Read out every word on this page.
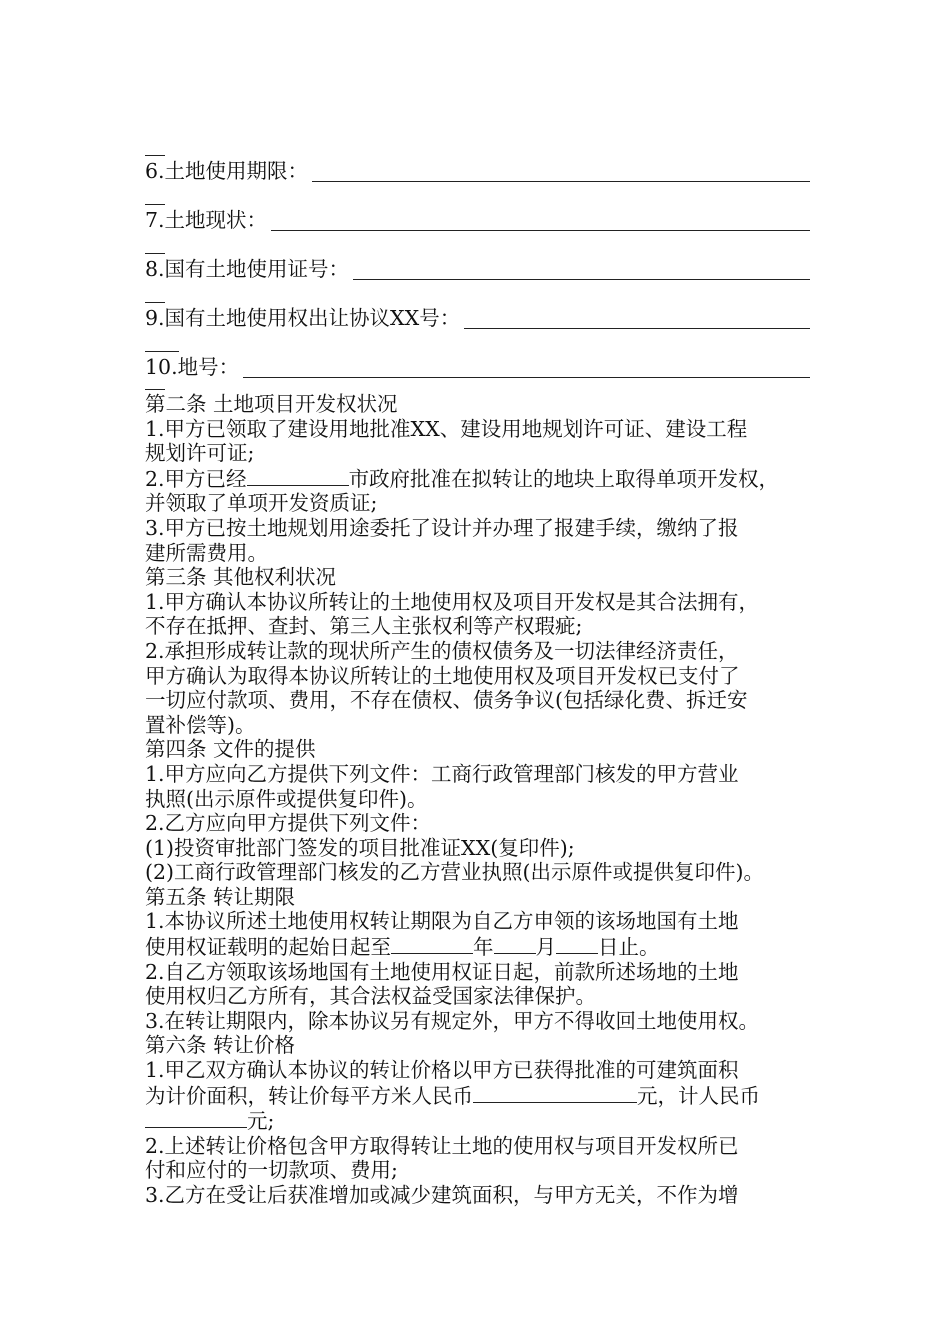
6.土地使用期限：
7.土地现状：
8.国有土地使用证号：
9.国有土地使用权出让协议XX号：
10.地号：

第二条 土地项目开发权状况

1.甲方已领取了建设用地批准XX、建设用地规划许可证、建设工程

规划许可证;

2.甲方已经	市政府批准在拟转让的地块上取得单项开发权，

并领取了单项开发资质证;

3.甲方已按土地规划用途委托了设计并办理了报建手续，缴纳了报

建所需费用。

第三条 其他权利状况

1.甲方确认本协议所转让的土地使用权及项目开发权是其合法拥有，

不存在抵押、查封、第三人主张权利等产权瑕疵;

2.承担形成转让款的现状所产生的债权债务及一切法律经济责任，

甲方确认为取得本协议所转让的土地使用权及项目开发权已支付了

一切应付款项、费用，不存在债权、债务争议(包括绿化费、拆迁安

置补偿等)。

第四条 文件的提供

1.甲方应向乙方提供下列文件：工商行政管理部门核发的甲方营业

执照(出示原件或提供复印件)。

2.乙方应向甲方提供下列文件：

(1)投资审批部门签发的项目批准证XX(复印件);

(2)工商行政管理部门核发的乙方营业执照(出示原件或提供复印件)。

第五条 转让期限

1.本协议所述土地使用权转让期限为自乙方申领的该场地国有土地

使用权证载明的起始日起至	年 月 日止。

2.自乙方领取该场地国有土地使用权证日起，前款所述场地的土地

使用权归乙方所有，其合法权益受国家法律保护。

3.在转让期限内，除本协议另有规定外，甲方不得收回土地使用权。

第六条 转让价格

1.甲乙双方确认本协议的转让价格以甲方已获得批准的可建筑面积

为计价面积，转让价每平方米人民币	元，计人民币

元;

2.上述转让价格包含甲方取得转让土地的使用权与项目开发权所已

付和应付的一切款项、费用;

3.乙方在受让后获准增加或减少建筑面积，与甲方无关，不作为增
